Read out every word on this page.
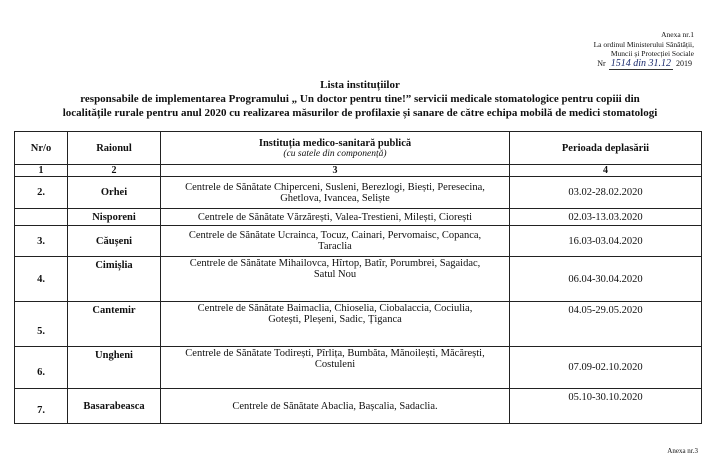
Anexa nr.1
La ordinul Ministerului Sănătății,
Muncii și Protecției Sociale
Nr 1514 din 31.12 2019
Lista instituțiilor
responsabile de implementarea Programului „ Un doctor pentru tine!” servicii medicale stomatologice pentru copiii din
localitățile rurale pentru anul 2020 cu realizarea măsurilor de profilaxie și sanare de către echipa mobilă de medici stomatologi
Nr/o	Raionul	Instituția medico-sanitară publică
(cu satele din componență)	Perioada deplasării
1	2	3	4
2.	Orhei	Centrele de Sănătate Chiperceni, Susleni, Berezlogi, Biești, Peresecina,
Ghetlova, Ivancea, Seliște	03.02-28.02.2020
	Nisporeni	Centrele de Sănătate Vărzărești, Valea-Trestieni, Milești, Ciorești	02.03-13.03.2020
3.	Căușeni	Centrele de Sănătate Ucrainca, Tocuz, Cainari, Pervomaisc, Copanca,
Taraclia	16.03-03.04.2020
4.	Cimișlia	Centrele de Sănătate Mihailovca, Hîrtop, Batîr, Porumbrei, Sagaidac,
Satul Nou	06.04-30.04.2020
5.	Cantemir	Centrele de Sănătate Baimaclia, Chioselia, Ciobalaccia, Cociulia,
Gotești, Pleșeni, Sadic, Țiganca	04.05-29.05.2020
6.	Ungheni	Centrele de Sănătate Todirești, Pîrlița, Bumbăta, Mănoilești, Măcărești,
Costuleni	07.09-02.10.2020
7.	Basarabeasca	Centrele de Sănătate Abaclia, Bașcalia, Sadaclia.	05.10-30.10.2020
Anexa nr.3
